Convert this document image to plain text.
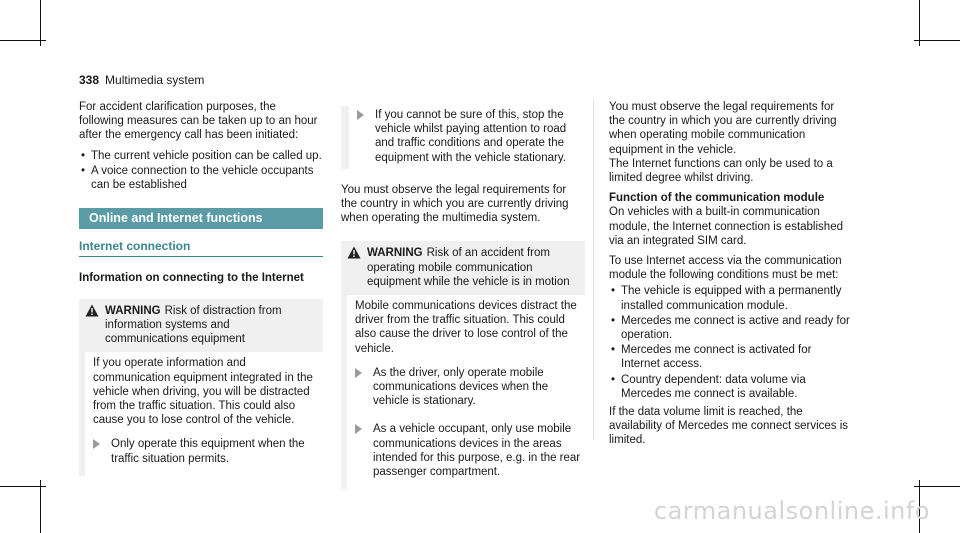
338 Multimedia system

For accident clarification purposes, the following measures can be taken up to an hour after the emergency call has been initiated:

• The current vehicle position can be called up.
• A voice connection to the vehicle occupants can be established
Online and Internet functions
Internet connection
Information on connecting to the Internet
WARNING Risk of distraction from information systems and communications equipment

If you operate information and communication equipment integrated in the vehicle when driving, you will be distracted from the traffic situation. This could also cause you to lose control of the vehicle.

Only operate this equipment when the traffic situation permits.
If you cannot be sure of this, stop the vehicle whilst paying attention to road and traffic conditions and operate the equipment with the vehicle stationary.

You must observe the legal requirements for the country in which you are currently driving when operating the multimedia system.

WARNING Risk of an accident from operating mobile communication equipment while the vehicle is in motion

Mobile communications devices distract the driver from the traffic situation. This could also cause the driver to lose control of the vehicle.

As the driver, only operate mobile communications devices when the vehicle is stationary.
As a vehicle occupant, only use mobile communications devices in the areas intended for this purpose, e.g. in the rear passenger compartment.

You must observe the legal requirements for the country in which you are currently driving when operating mobile communication equipment in the vehicle.

The Internet functions can only be used to a limited degree whilst driving.

Function of the communication module

On vehicles with a built-in communication module, the Internet connection is established via an integrated SIM card.

To use Internet access via the communication module the following conditions must be met:

• The vehicle is equipped with a permanently installed communication module.
• Mercedes me connect is active and ready for operation.
• Mercedes me connect is activated for Internet access.
• Country dependent: data volume via Mercedes me connect is available.

If the data volume limit is reached, the availability of Mercedes me connect services is limited.

carmanualsonline.info
